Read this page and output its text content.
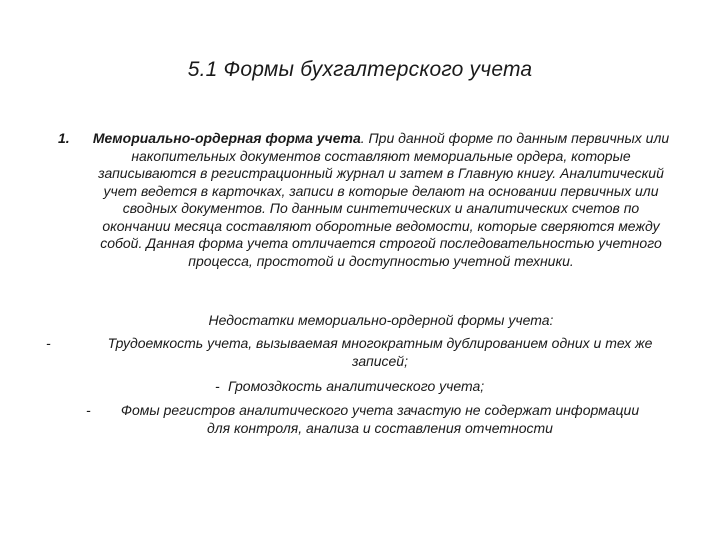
5.1 Формы бухгалтерского учета
1.	Мемориально-ордерная форма учета. При данной форме по данным первичных или накопительных документов составляют мемориальные ордера, которые записываются в регистрационный журнал и затем в Главную книгу. Аналитический учет ведется в карточках, записи в которые делают на основании первичных или сводных документов. По данным синтетических и аналитических счетов по окончании месяца составляют оборотные ведомости, которые сверяются между собой. Данная форма учета отличается строгой последовательностью учетного процесса, простотой и доступностью учетной техники.

Недостатки мемориально-ордерной формы учета:
-	Трудоемкость учета, вызываемая многократным дублированием одних и тех же записей;
- Громоздкость аналитического учета;
-	Фомы регистров аналитического учета зачастую не содержат информации для контроля, анализа и составления отчетности
